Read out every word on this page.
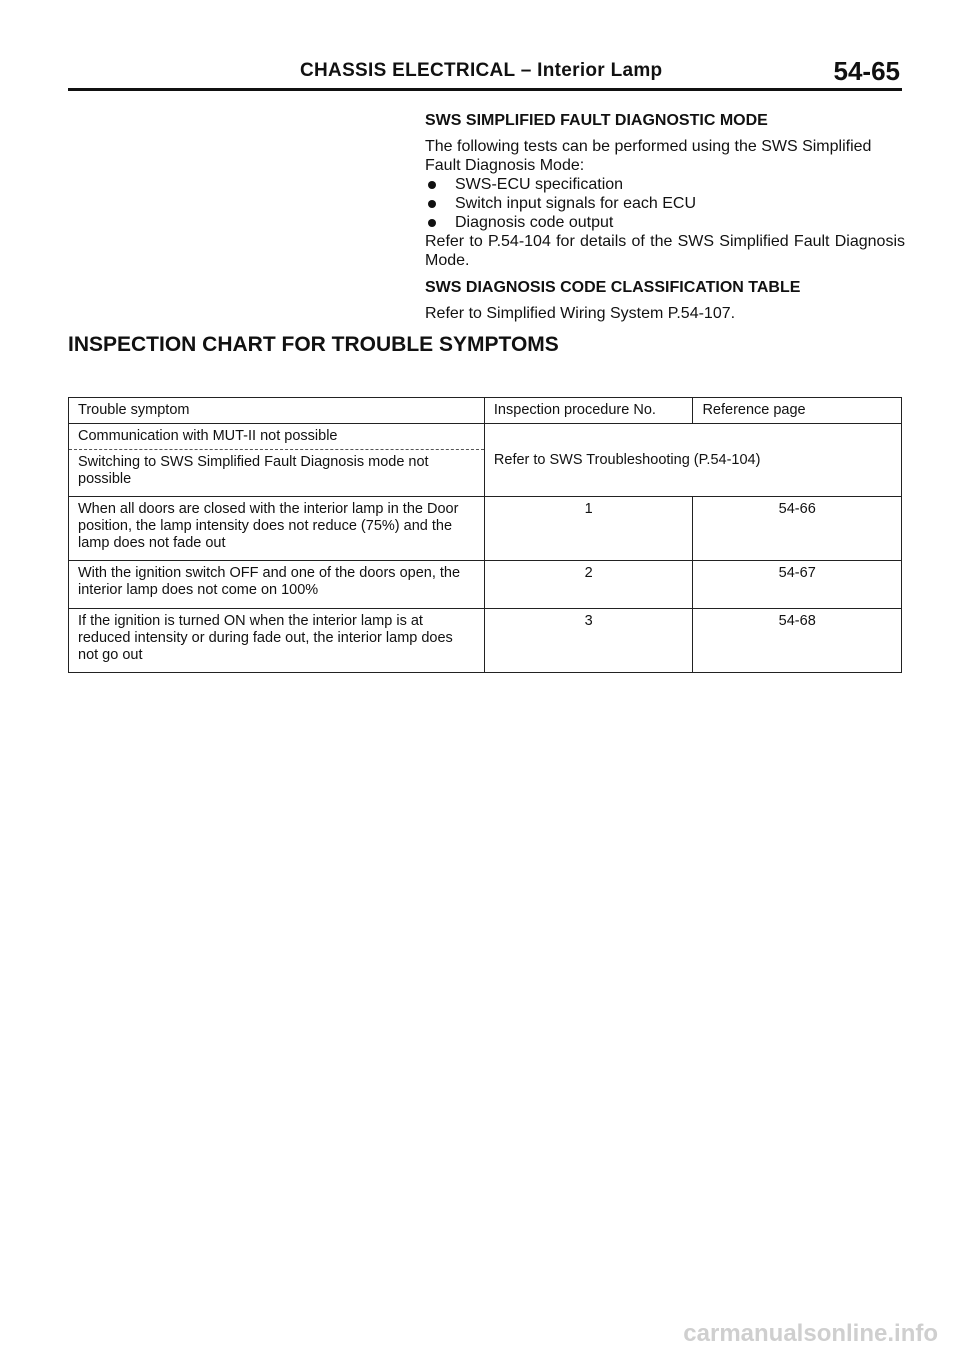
CHASSIS ELECTRICAL – Interior Lamp	54-65
SWS SIMPLIFIED FAULT DIAGNOSTIC MODE
The following tests can be performed using the SWS Simplified Fault Diagnosis Mode:
SWS-ECU specification
Switch input signals for each ECU
Diagnosis code output
Refer to P.54-104 for details of the SWS Simplified Fault Diagnosis Mode.
SWS DIAGNOSIS CODE CLASSIFICATION TABLE
Refer to Simplified Wiring System P.54-107.
INSPECTION CHART FOR TROUBLE SYMPTOMS
Trouble symptom	Inspection procedure No.	Reference page

Communication with MUT-II not possible
Switching to SWS Simplified Fault Diagnosis mode not possible	Refer to SWS Troubleshooting (P.54-104)	
When all doors are closed with the interior lamp in the Door position, the lamp intensity does not reduce (75%) and the lamp does not fade out	1	54-66
With the ignition switch OFF and one of the doors open, the interior lamp does not come on 100%	2	54-67
If the ignition is turned ON when the interior lamp is at reduced intensity or during fade out, the interior lamp does not go out	3	54-68
carmanualsonline.info
